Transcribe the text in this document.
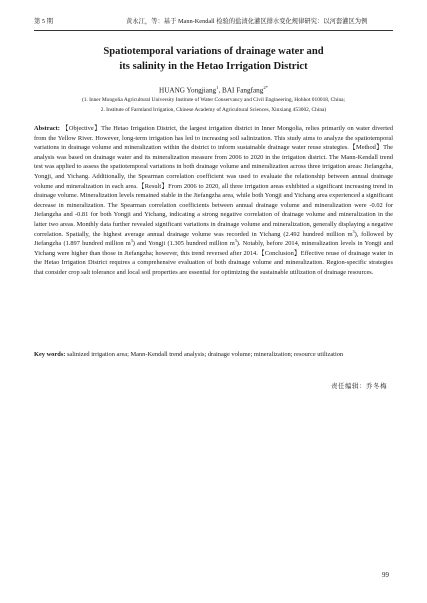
第 5 期	黄永江，等：基于 Mann-Kendall 检验的盐渍化灌区排水变化规律研究：以河套灌区为例
Spatiotemporal variations of drainage water and
its salinity in the Hetao Irrigation District
HUANG Yongjiang$^1$, BAI Fangfang$^{2*}$
(1. Inner Mongolia Agricultural University Institute of Water Conservancy and Civil Engineering, Hohhot 010018, China;
2. Institute of Farmland Irrigation, Chinese Academy of Agricultural Sciences, Xinxiang 453002, China)
Abstract: 【Objective】The Hetao Irrigation District, the largest irrigation district in Inner Mongolia, relies primarily on water diverted from the Yellow River. However, long-term irrigation has led to increasing soil salinization. This study aims to analyze the spatiotemporal variations in drainage volume and mineralization within the district to inform sustainable drainage water reuse strategies.【Method】The analysis was based on drainage water and its mineralization measure from 2006 to 2020 in the irrigation district. The Mann-Kendall trend test was applied to assess the spatiotemporal variations in both drainage volume and mineralization across three irrigation areas: Jiefangzha, Yongji, and Yichang. Additionally, the Spearman correlation coefficient was used to evaluate the relationship between annual drainage volume and mineralization in each area.【Result】From 2006 to 2020, all three irrigation areas exhibited a significant increasing trend in drainage volume. Mineralization levels remained stable in the Jiefangzha area, while both Yongji and Yichang area experienced a significant decrease in mineralization. The Spearman correlation coefficients between annual drainage volume and mineralization were -0.02 for Jiefangzha and -0.81 for both Yongji and Yichang, indicating a strong negative correlation of drainage volume and mineralization in the latter two areas. Monthly data further revealed significant variations in drainage volume and mineralization, generally displaying a negative correlation. Spatially, the highest average annual drainage volume was recorded in Yichang (2.492 hundred million $m^3$), followed by Jiefangzha (1.897 hundred million $m^3$) and Yongji (1.305 hundred million $m^3$). Notably, before 2014, mineralization levels in Yongji and Yichang were higher than those in Jiefangzha; however, this trend reversed after 2014.【Conclusion】Effective reuse of drainage water in the Hetao Irrigation District requires a comprehensive evaluation of both drainage volume and mineralization. Region-specific strategies that consider crop salt tolerance and local soil properties are essential for optimizing the sustainable utilization of drainage resources.
Key words: salinized irrigation area; Mann-Kendall trend analysis; drainage volume; mineralization; resource utilization
责任编辑：乔冬梅
99
